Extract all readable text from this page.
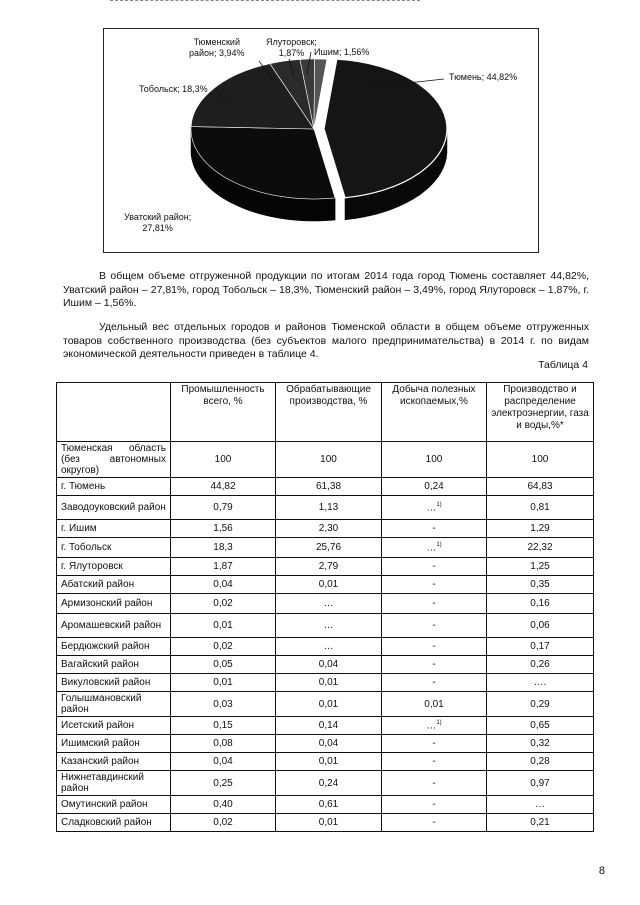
Тюмень; 44,82%
Уватский район;
27,81%
Тобольск; 18,3%
Тюменский
район; 3,94%
Ялуторовск;
1,87%	Ишим; 1,56%
В общем объеме отгруженной продукции по итогам 2014 года город Тюмень составляет 44,82%, Уватский район – 27,81%, город Тобольск – 18,3%, Тюменский район – 3,49%, город Ялуторовск – 1,87%, г. Ишим – 1,56%.
Удельный вес отдельных городов и районов Тюменской области в общем объеме отгруженных товаров собственного производства (без субъектов малого предпринимательства) в 2014 г. по видам экономической деятельности приведен в таблице 4.
Таблица 4
	Промышленность всего, %	Обрабатывающие производства, %	Добыча полезных ископаемых,%	Производство и распределение электроэнергии, газа и воды,%*
Тюменская область (без автономных округов)	100	100	100	100
г. Тюмень	44,82	61,38	0,24	64,83
Заводоуковский район	0,79	1,13	…$^{1)}$	0,81
г. Ишим	1,56	2,30	-	1,29
г. Тобольск	18,3	25,76	…$^{1)}$	22,32
г. Ялуторовск	1,87	2,79	-	1,25
Абатский район	0,04	0,01	-	0,35
Армизонский район	0,02	…	-	0,16
Аромашевский район	0,01	…	-	0,06
Бердюжский район	0,02	…	-	0,17
Вагайский район	0,05	0,04	-	0,26
Викуловский район	0,01	0,01	-	….
Голышмановский район	0,03	0,01	0,01	0,29
Исетский район	0,15	0,14	…$^{1)}$	0,65
Ишимский район	0,08	0,04	-	0,32
Казанский район	0,04	0,01	-	0,28
Нижнетавдинский район	0,25	0,24	-	0,97
Омутинский район	0,40	0,61	-	…
Сладковский район	0,02	0,01	-	0,21
8
